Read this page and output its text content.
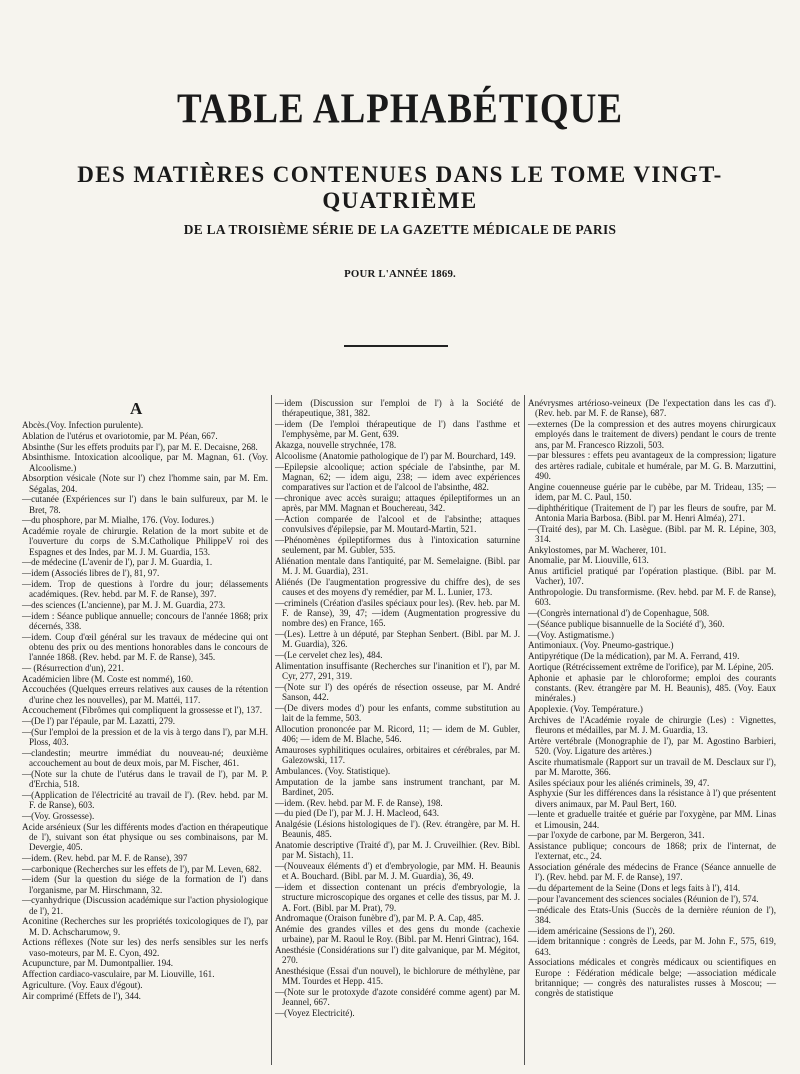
TABLE ALPHABÉTIQUE
DES MATIÈRES CONTENUES DANS LE TOME VINGT-QUATRIÈME
DE LA TROISIÈME SÉRIE DE LA GAZETTE MÉDICALE DE PARIS
POUR L'ANNÉE 1869.
A
Abcès.(Voy. Infection purulente).
Ablation de l'utérus et ovariotomie, par M. Péan, 667.
Absinthe (Sur les effets produits par l'), par M. E. Decaisne, 268.
Absinthisme. Intoxication alcoolique, par M. Magnan, 61. (Voy. Alcoolisme.)
Absorption vésicale (Note sur l') chez l'homme sain, par M. Em. Ségalas, 204.
—cutanée (Expériences sur l') dans le bain sulfureux, par M. le Bret, 78.
—du phosphore, par M. Mialhe, 176. (Voy. Iodures.)
Académie royale de chirurgie. Relation de la mort subite et de l'ouverture du corps de S.M.Catholique PhilippeV roi des Espagnes et des Indes, par M. J. M. Guardia, 153.
—de médecine (L'avenir de l'), par J. M. Guardia, 1.
—idem (Associés libres de l'), 81, 97.
—idem. Trop de questions à l'ordre du jour; délassements académiques. (Rev. hebd. par M. F. de Ranse), 397.
—des sciences (L'ancienne), par M. J. M. Guardia, 273.
—idem : Séance publique annuelle; concours de l'année 1868; prix décernés, 338.
—idem. Coup d'œil général sur les travaux de médecine qui ont obtenu des prix ou des mentions honorables dans le concours de l'année 1868. (Rev. hebd. par M. F. de Ranse), 345.
— (Résurrection d'un), 221.
Académicien libre (M. Coste est nommé), 160.
Accouchées (Quelques erreurs relatives aux causes de la rétention d'urine chez les nouvelles), par M. Mattéi, 117.
Accouchement (Fibrômes qui compliquent la grossesse et l'), 137.
—(De l') par l'épaule, par M. Lazatti, 279.
—(Sur l'emploi de la pression et de la vis à tergo dans l'), par M.H. Ploss, 403.
—clandestin; meurtre immédiat du nouveau-né; deuxième accouchement au bout de deux mois, par M. Fischer, 461.
—(Note sur la chute de l'utérus dans le travail de l'), par M. P. d'Erchia, 518.
—(Application de l'électricité au travail de l'). (Rev. hebd. par M. F. de Ranse), 603.
—(Voy. Grossesse).
Acide arsénieux (Sur les différents modes d'action en thérapeutique de l'), suivant son état physique ou ses combinaisons, par M. Devergie, 405.
—idem. (Rev. hebd. par M. F. de Ranse), 397
—carbonique (Recherches sur les effets de l'), par M. Leven, 682.
—idem (Sur la question du siége de la formation de l') dans l'organisme, par M. Hirschmann, 32.
—cyanhydrique (Discussion académique sur l'action physiologique de l'), 21.
Aconitine (Recherches sur les propriétés toxicologiques de l'), par M. D. Achscharumow, 9.
Actions réflexes (Note sur les) des nerfs sensibles sur les nerfs vaso-moteurs, par M. E. Cyon, 492.
Acupuncture, par M. Dumontpallier. 194.
Affection cardiaco-vasculaire, par M. Liouville, 161.
Agriculture. (Voy. Eaux d'égout).
Air comprimé (Effets de l'), 344.
—idem (Discussion sur l'emploi de l') à la Société de thérapeutique, 381, 382.
—idem (De l'emploi thérapeutique de l') dans l'asthme et l'emphysème, par M. Gent, 639.
Akazga, nouvelle strychnée, 178.
Alcoolisme (Anatomie pathologique de l') par M. Bourchard, 149.
—Epilepsie alcoolique; action spéciale de l'absinthe, par M. Magnan, 62; — idem aigu, 238; — idem avec expériences comparatives sur l'action et de l'alcool de l'absinthe, 482.
—chronique avec accès suraigu; attaques épileptiformes un an après, par MM. Magnan et Bouchereau, 342.
—Action comparée de l'alcool et de l'absinthe; attaques convulsives d'épilepsie, par M. Moutard-Martin, 521.
—Phénomènes épileptiformes dus à l'intoxication saturnine seulement, par M. Gubler, 535.
Aliénation mentale dans l'antiquité, par M. Semelaigne. (Bibl. par M. J. M. Guardia), 231.
Aliénés (De l'augmentation progressive du chiffre des), de ses causes et des moyens d'y remédier, par M. L. Lunier, 173.
—criminels (Création d'asiles spéciaux pour les). (Rev. heb. par M. F. de Ranse), 39, 47; —idem (Augmentation progressive du nombre des) en France, 165.
—(Les). Lettre à un député, par Stephan Senbert. (Bibl. par M. J. M. Guardia), 326.
—(Le cervelet chez les), 484.
Alimentation insuffisante (Recherches sur l'inanition et l'), par M. Cyr, 277, 291, 319.
—(Note sur l') des opérés de résection osseuse, par M. André Sanson, 442.
—(De divers modes d') pour les enfants, comme substitution au lait de la femme, 503.
Allocution prononcée par M. Ricord, 11; — idem de M. Gubler, 406; — idem de M. Blache, 546.
Amauroses syphilitiques oculaires, orbitaires et cérébrales, par M. Galezowski, 117.
Ambulances. (Voy. Statistique).
Amputation de la jambe sans instrument tranchant, par M. Bardinet, 205.
—idem. (Rev. hebd. par M. F. de Ranse), 198.
—du pied (De l'), par M. J. H. Macleod, 643.
Analgésie (Lésions histologiques de l'). (Rev. étrangère, par M. H. Beaunis, 485.
Anatomie descriptive (Traité d'), par M. J. Cruveilhier. (Rev. Bibl. par M. Sistach), 11.
—(Nouveaux éléments d') et d'embryologie, par MM. H. Beaunis et A. Bouchard. (Bibl. par M. J. M. Guardia), 36, 49.
—idem et dissection contenant un précis d'embryologie, la structure microscopique des organes et celle des tissus, par M. J. A. Fort. (Bibl. par M. Prat), 79.
Andromaque (Oraison funèbre d'), par M. P. A. Cap, 485.
Anémie des grandes villes et des gens du monde (cachexie urbaine), par M. Raoul le Roy. (Bibl. par M. Henri Gintrac), 164.
Anesthésie (Considérations sur l') dite galvanique, par M. Mégitot, 270.
Anesthésique (Essai d'un nouvel), le bichlorure de méthylène, par MM. Tourdes et Hepp. 415.
—(Note sur le protoxyde d'azote considéré comme agent) par M. Jeannel, 667.
—(Voyez Electricité).
Anévrysmes artérioso-veineux (De l'expectation dans les cas d'). (Rev. heb. par M. F. de Ranse), 687.
—externes (De la compression et des autres moyens chirurgicaux employés dans le traitement de divers) pendant le cours de trente ans, par M. Francesco Rizzoli, 503.
—par blessures : effets peu avantageux de la compression; ligature des artères radiale, cubitale et humérale, par M. G. B. Marzuttini, 490.
Angine couenneuse guérie par le cubèbe, par M. Trideau, 135; — idem, par M. C. Paul, 150.
—diphthéritique (Traitement de l') par les fleurs de soufre, par M. Antonia Maria Barbosa. (Bibl. par M. Henri Alméa), 271.
—(Traité des), par M. Ch. Lasègue. (Bibl. par M. R. Lépine, 303, 314.
Ankylostomes, par M. Wacherer, 101.
Anomalie, par M. Liouville, 613.
Anus artificiel pratiqué par l'opération plastique. (Bibl. par M. Vacher), 107.
Anthropologie. Du transformisme. (Rev. hebd. par M. F. de Ranse), 603.
—(Congrès international d') de Copenhague, 508.
—(Séance publique bisannuelle de la Société d'), 360.
—(Voy. Astigmatisme.)
Antimoniaux. (Voy. Pneumo-gastrique.)
Antipyrétique (De la médication), par M. A. Ferrand, 419.
Aortique (Rétrécissement extrême de l'orifice), par M. Lépine, 205.
Aphonie et aphasie par le chloroforme; emploi des courants constants. (Rev. étrangère par M. H. Beaunis), 485. (Voy. Eaux minérales.)
Apoplexie. (Voy. Température.)
Archives de l'Académie royale de chirurgie (Les) : Vignettes, fleurons et médailles, par M. J. M. Guardia, 13.
Artère vertébrale (Monographie de l'), par M. Agostino Barbieri, 520. (Voy. Ligature des artères.)
Ascite rhumatismale (Rapport sur un travail de M. Desclaux sur l'), par M. Marotte, 366.
Asiles spéciaux pour les aliénés criminels, 39, 47.
Asphyxie (Sur les différences dans la résistance à l') que présentent divers animaux, par M. Paul Bert, 160.
—lente et graduelle traitée et guérie par l'oxygène, par MM. Linas et Limousin, 244.
—par l'oxyde de carbone, par M. Bergeron, 341.
Assistance publique; concours de 1868; prix de l'internat, de l'externat, etc., 24.
Association générale des médecins de France (Séance annuelle de l'). (Rev. hebd. par M. F. de Ranse), 197.
—du département de la Seine (Dons et legs faits à l'), 414.
—pour l'avancement des sciences sociales (Réunion de l'), 574.
—médicale des Etats-Unis (Succès de la dernière réunion de l'), 384.
—idem américaine (Sessions de l'), 260.
—idem britannique : congrès de Leeds, par M. John F., 575, 619, 643.
Associations médicales et congrès médicaux ou scientifiques en Europe : Fédération médicale belge; —association médicale britannique; — congrès des naturalistes russes à Moscou; — congrès de statistique
